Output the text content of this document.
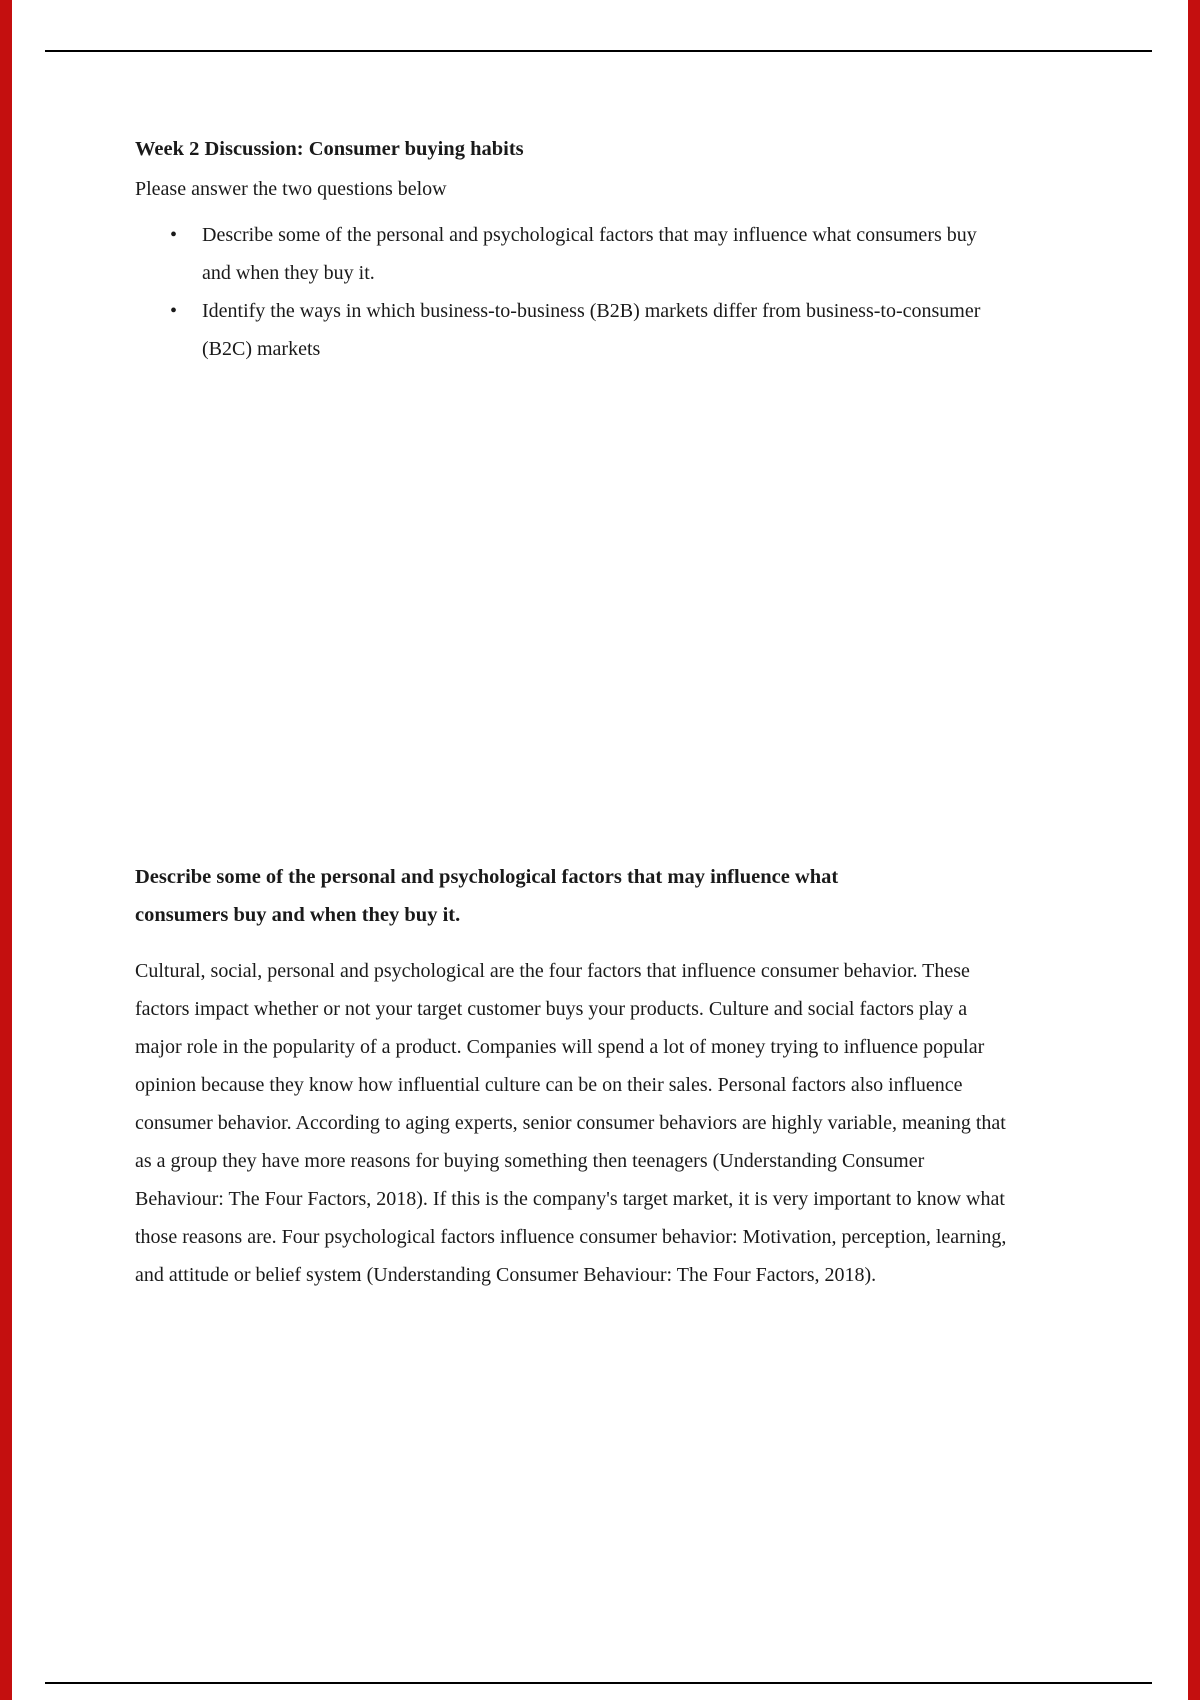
Week 2 Discussion: Consumer buying habits

Please answer the two questions below

•	Describe some of the personal and psychological factors that may influence what consumers buy and when they buy it.
•	Identify the ways in which business-to-business (B2B) markets differ from business-to-consumer (B2C) markets
Describe some of the personal and psychological factors that may influence what consumers buy and when they buy it.

Cultural, social, personal and psychological are the four factors that influence consumer behavior. These factors impact whether or not your target customer buys your products. Culture and social factors play a major role in the popularity of a product. Companies will spend a lot of money trying to influence popular opinion because they know how influential culture can be on their sales. Personal factors also influence consumer behavior. According to aging experts, senior consumer behaviors are highly variable, meaning that as a group they have more reasons for buying something then teenagers (Understanding Consumer Behaviour: The Four Factors, 2018). If this is the company's target market, it is very important to know what those reasons are. Four psychological factors influence consumer behavior: Motivation, perception, learning, and attitude or belief system (Understanding Consumer Behaviour: The Four Factors, 2018).
